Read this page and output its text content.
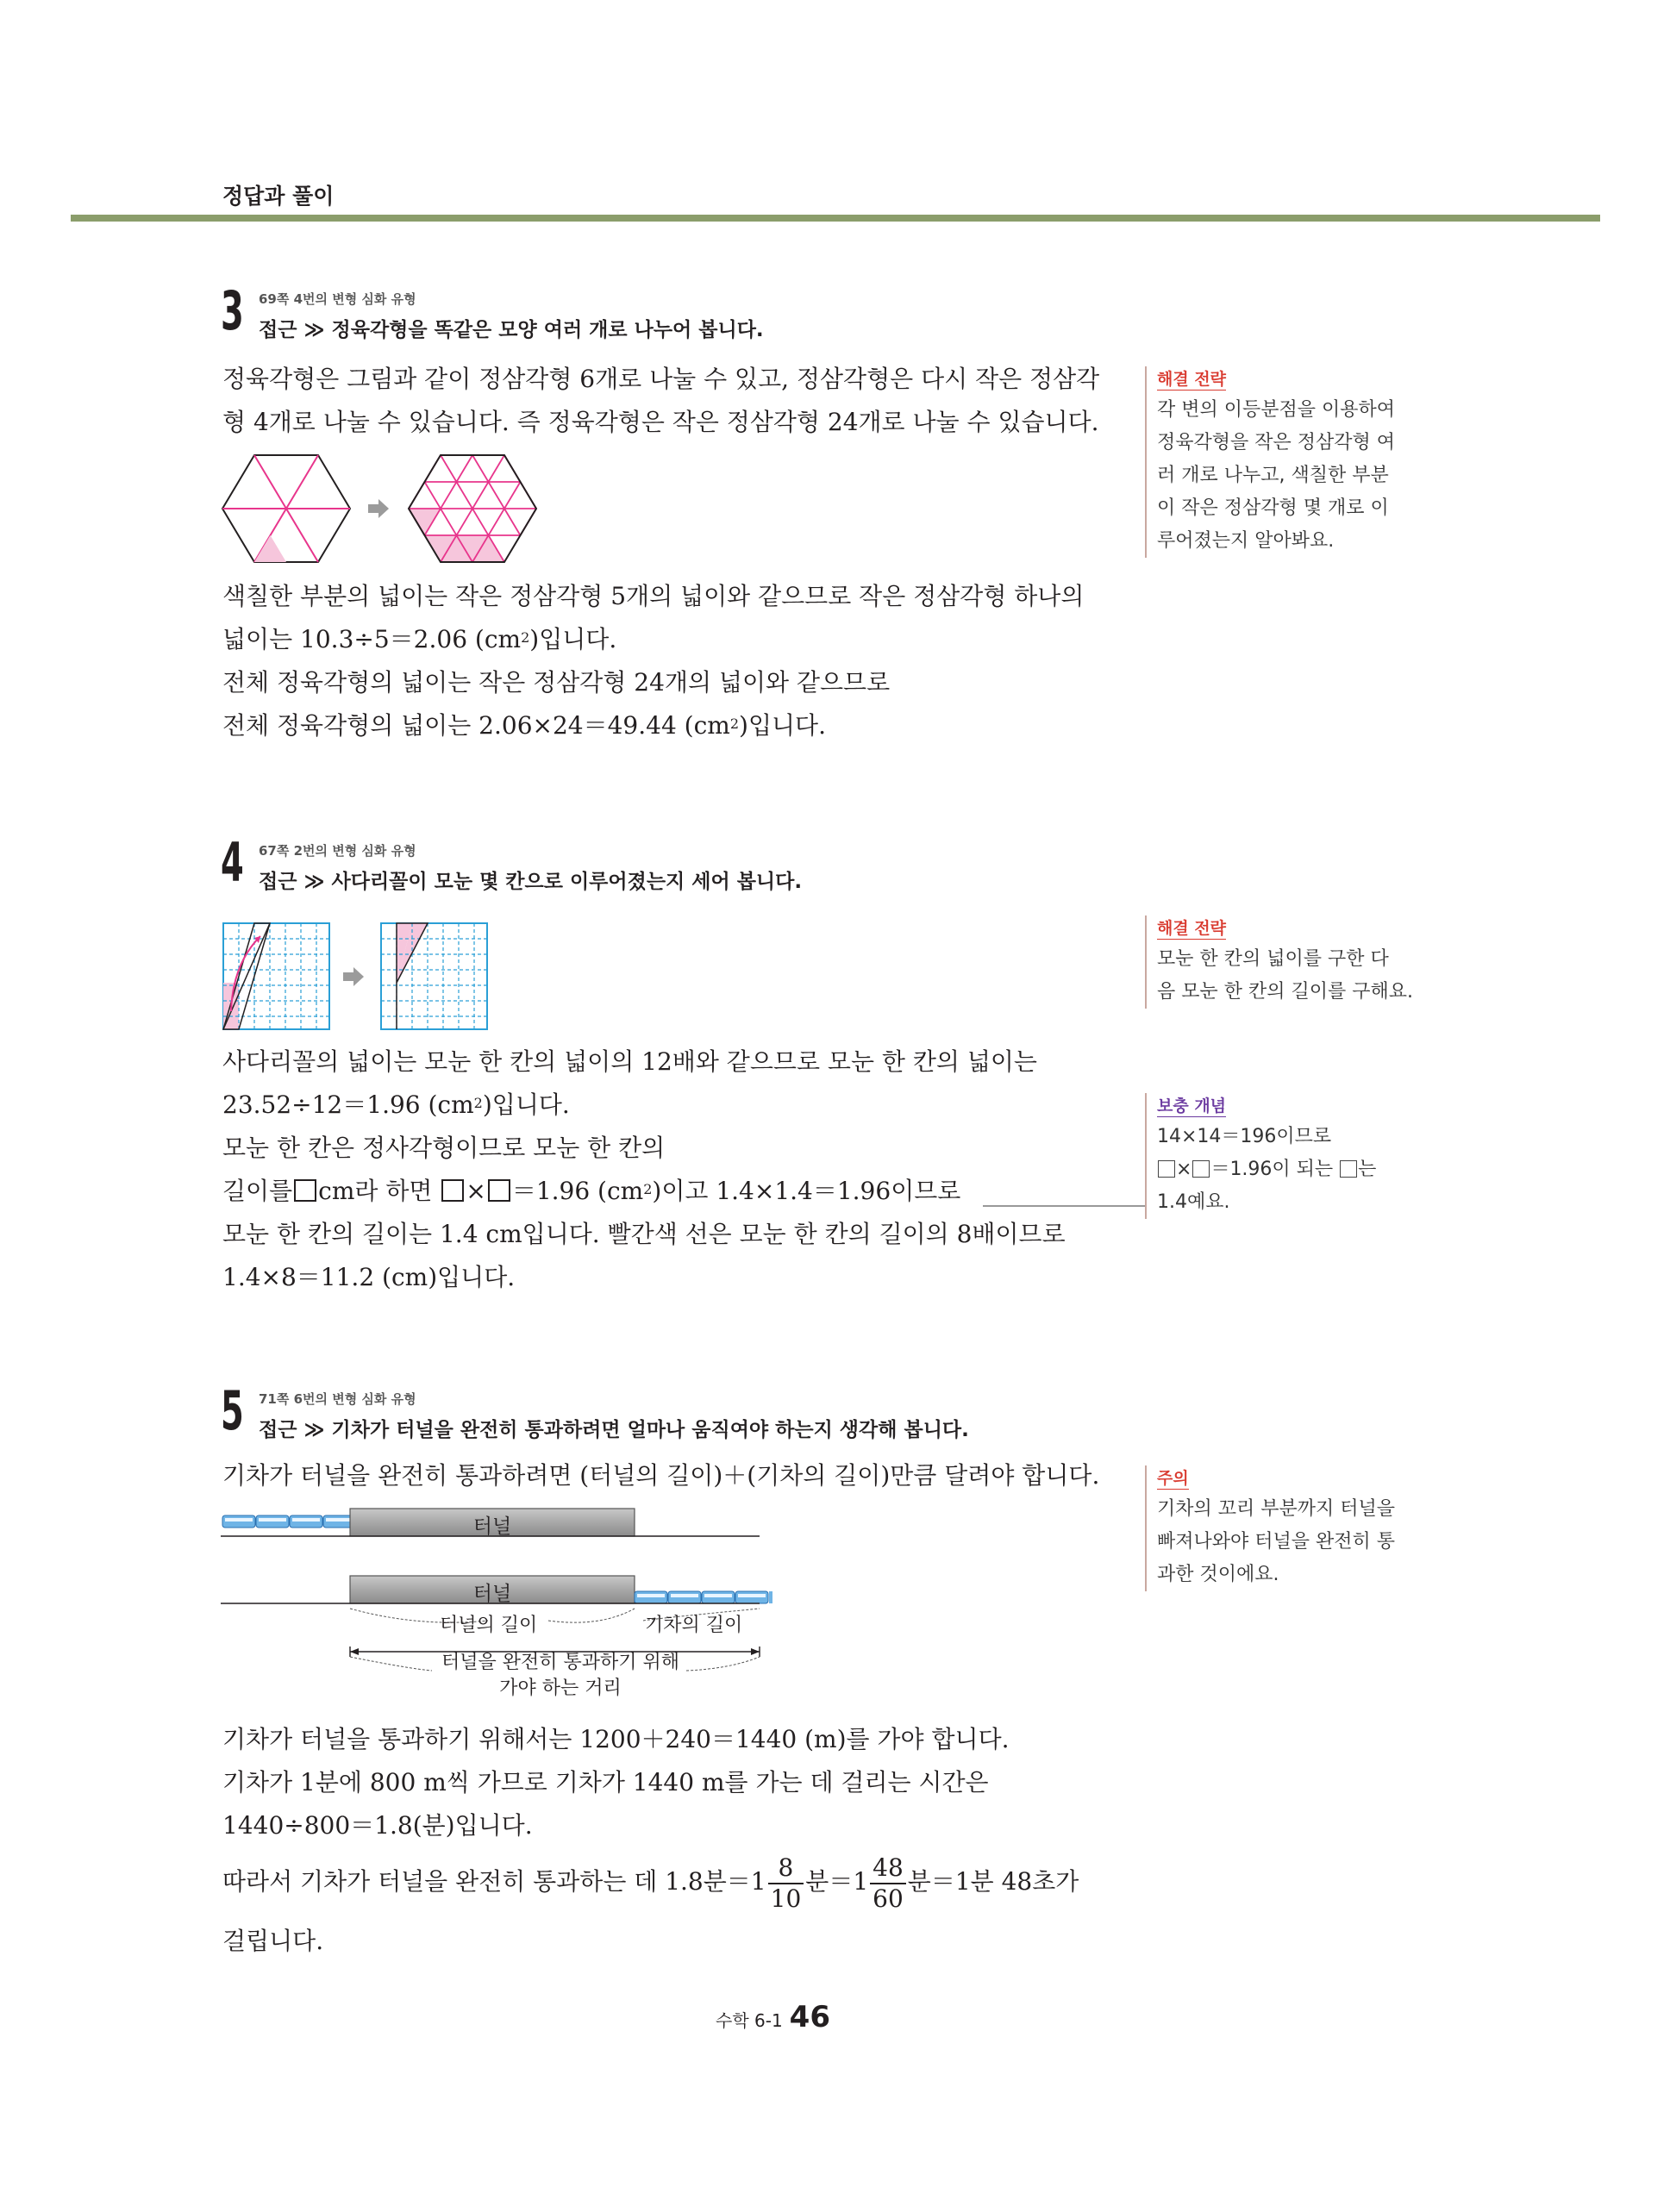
정답과 풀이
3 69쪽 4번의 변형 심화 유형
접근 ≫ 정육각형을 똑같은 모양 여러 개로 나누어 봅니다.
정육각형은 그림과 같이 정삼각형 6개로 나눌 수 있고, 정삼각형은 다시 작은 정삼각
형 4개로 나눌 수 있습니다. 즉 정육각형은 작은 정삼각형 24개로 나눌 수 있습니다.
색칠한 부분의 넓이는 작은 정삼각형 5개의 넓이와 같으므로 작은 정삼각형 하나의
넓이는 10.3÷5＝2.06 $(cm^2)$입니다.
전체 정육각형의 넓이는 작은 정삼각형 24개의 넓이와 같으므로
전체 정육각형의 넓이는 2.06×24＝49.44 $(cm^2)$입니다.
해결 전략
각 변의 이등분점을 이용하여
정육각형을 작은 정삼각형 여
러 개로 나누고, 색칠한 부분
이 작은 정삼각형 몇 개로 이
루어졌는지 알아봐요.
4 67쪽 2번의 변형 심화 유형
접근 ≫ 사다리꼴이 모눈 몇 칸으로 이루어졌는지 세어 봅니다.
사다리꼴의 넓이는 모눈 한 칸의 넓이의 12배와 같으므로 모눈 한 칸의 넓이는
23.52÷12＝1.96 $(cm^2)$입니다.
모눈 한 칸은 정사각형이므로 모눈 한 칸의
길이를 cm라 하면 × ＝1.96 $(cm^2)$이고 1.4×1.4＝1.96이므로
모눈 한 칸의 길이는 1.4 cm입니다. 빨간색 선은 모눈 한 칸의 길이의 8배이므로
1.4×8＝11.2 (cm)입니다.
해결 전략
모눈 한 칸의 넓이를 구한 다
음 모눈 한 칸의 길이를 구해요.
보충 개념
14×14＝196이므로
× ＝1.96이 되는 는
1.4예요.
5 71쪽 6번의 변형 심화 유형
접근 ≫ 기차가 터널을 완전히 통과하려면 얼마나 움직여야 하는지 생각해 봅니다.
기차가 터널을 완전히 통과하려면 (터널의 길이)＋(기차의 길이)만큼 달려야 합니다.
터널
터널
터널의 길이	기차의 길이
터널을 완전히 통과하기 위해
가야 하는 거리
기차가 터널을 통과하기 위해서는 1200＋240＝1440 (m)를 가야 합니다.
기차가 1분에 800 m씩 가므로 기차가 1440 m를 가는 데 걸리는 시간은
1440÷800＝1.8(분)입니다.
따라서 기차가 터널을 완전히 통과하는 데 1.8분$=1 \frac{8}{10}$ 분$=1 \frac{48}{60}$ 분＝1분 48초가
걸립니다.
주의
기차의 꼬리 부분까지 터널을
빠져나와야 터널을 완전히 통
과한 것이에요.
수학 6-1 46
